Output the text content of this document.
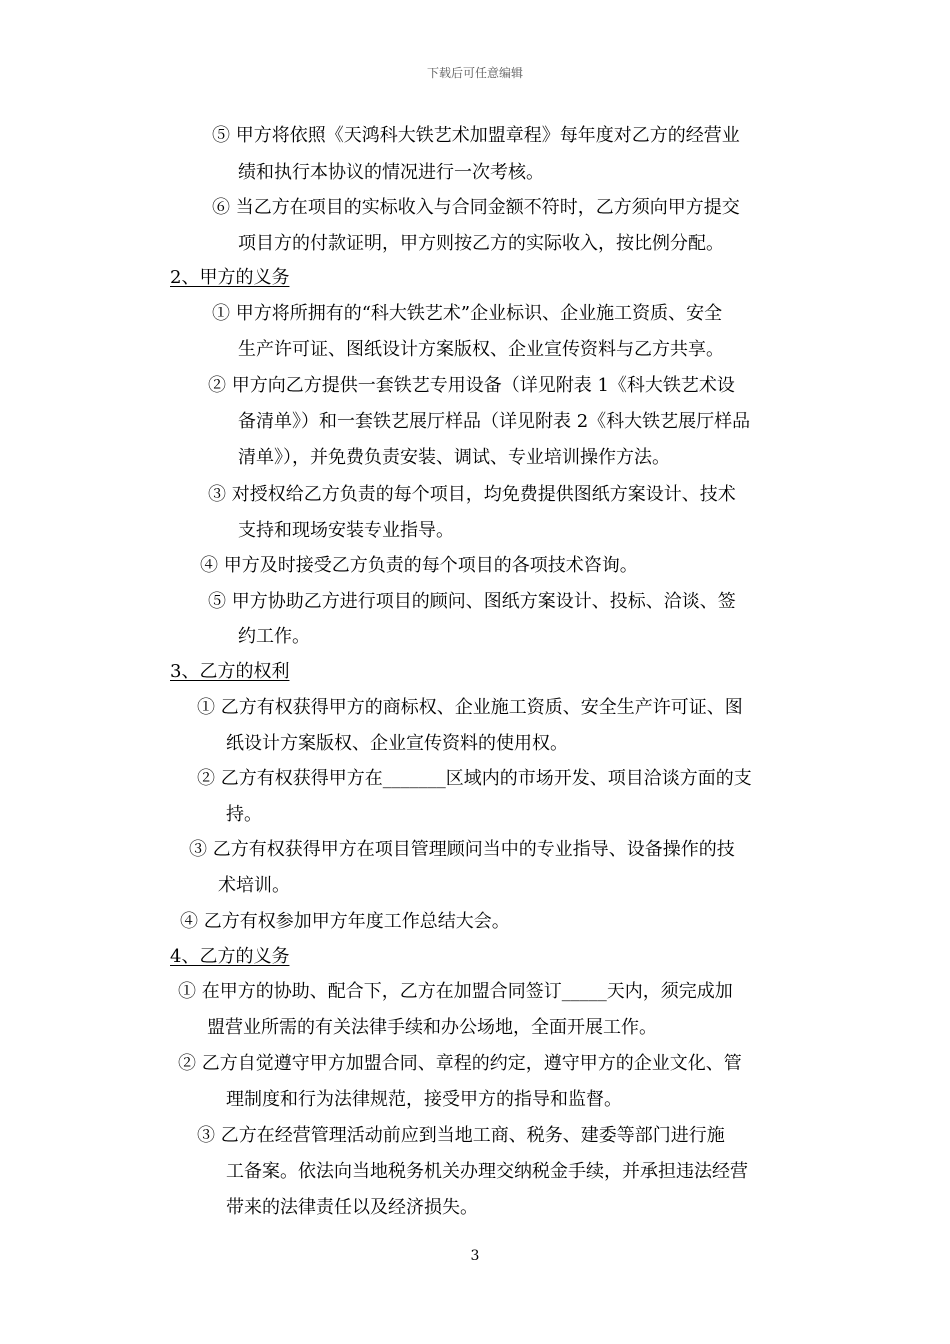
下载后可任意编辑
⑤ 甲方将依照《天鸿科大铁艺术加盟章程》每年度对乙方的经营业
绩和执行本协议的情况进行一次考核。
⑥ 当乙方在项目的实标收入与合同金额不符时，乙方须向甲方提交
项目方的付款证明，甲方则按乙方的实际收入，按比例分配。
2、甲方的义务
① 甲方将所拥有的“科大铁艺术”企业标识、企业施工资质、安全
生产许可证、图纸设计方案版权、企业宣传资料与乙方共享。
② 甲方向乙方提供一套铁艺专用设备（详见附表 1《科大铁艺术设
备清单》）和一套铁艺展厅样品（详见附表 2《科大铁艺展厅样品
清单》），并免费负责安装、调试、专业培训操作方法。
③ 对授权给乙方负责的每个项目，均免费提供图纸方案设计、技术
支持和现场安装专业指导。
④ 甲方及时接受乙方负责的每个项目的各项技术咨询。
⑤ 甲方协助乙方进行项目的顾问、图纸方案设计、投标、洽谈、签
约工作。
3、乙方的权利
① 乙方有权获得甲方的商标权、企业施工资质、安全生产许可证、图
纸设计方案版权、企业宣传资料的使用权。
② 乙方有权获得甲方在_______区域内的市场开发、项目洽谈方面的支
持。
③ 乙方有权获得甲方在项目管理顾问当中的专业指导、设备操作的技
术培训。
④ 乙方有权参加甲方年度工作总结大会。
4、乙方的义务
① 在甲方的协助、配合下，乙方在加盟合同签订_____天内，须完成加
盟营业所需的有关法律手续和办公场地，全面开展工作。
② 乙方自觉遵守甲方加盟合同、章程的约定，遵守甲方的企业文化、管
理制度和行为法律规范，接受甲方的指导和监督。
③ 乙方在经营管理活动前应到当地工商、税务、建委等部门进行施
工备案。依法向当地税务机关办理交纳税金手续，并承担违法经营
带来的法律责任以及经济损失。
3
